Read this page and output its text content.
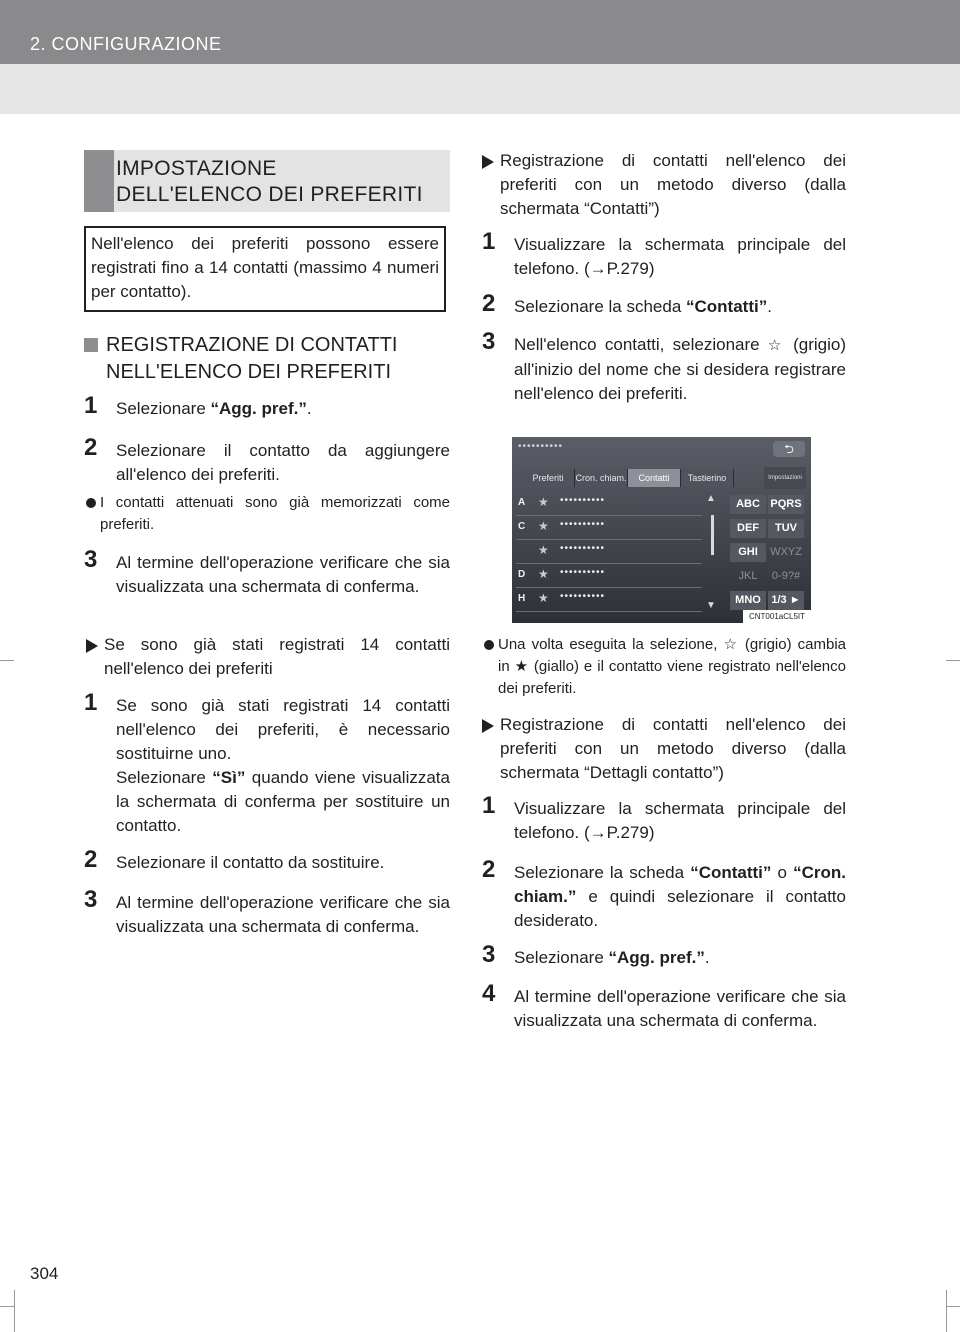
2. CONFIGURAZIONE
IMPOSTAZIONE
DELL'ELENCO DEI PREFERITI
Nell'elenco dei preferiti possono essere registrati fino a 14 contatti (massimo 4 numeri per contatto).
REGISTRAZIONE DI CONTATTI NELL'ELENCO DEI PREFERITI
1 Selezionare “Agg. pref.”.
2 Selezionare il contatto da aggiungere all'elenco dei preferiti.
I contatti attenuati sono già memorizzati come preferiti.
3 Al termine dell'operazione verificare che sia visualizzata una schermata di conferma.
Se sono già stati registrati 14 contatti nell'elenco dei preferiti
1 Se sono già stati registrati 14 contatti nell'elenco dei preferiti, è necessario sostituirne uno.
Selezionare “Sì” quando viene visualizzata la schermata di conferma per sostituire un contatto.
2 Selezionare il contatto da sostituire.
3 Al termine dell'operazione verificare che sia visualizzata una schermata di conferma.
Registrazione di contatti nell'elenco dei preferiti con un metodo diverso (dalla schermata “Contatti”)
1 Visualizzare la schermata principale del telefono. (→P.279)
2 Selezionare la scheda “Contatti”.
3 Nell'elenco contatti, selezionare ☆ (grigio) all'inizio del nome che si desidera registrare nell'elenco dei preferiti.
••••••••••	⮌
Preferiti	Cron. chiam.	Contatti	Tastierino	Impostazioni
A	★ ••••••••••
C	★ ••••••••••
★ ••••••••••
D	★ ••••••••••
H	★ ••••••••••
▲
▼
ABC PQRS
DEF	TUV
GHI	WXYZ
JKL	0-9?#
MNO 1/3 ►
CNT001aCL5IT
Una volta eseguita la selezione, ☆ (grigio) cambia in ★ (giallo) e il contatto viene registrato nell'elenco dei preferiti.
Registrazione di contatti nell'elenco dei preferiti con un metodo diverso (dalla schermata “Dettagli contatto”)
1 Visualizzare la schermata principale del telefono. (→P.279)
2 Selezionare la scheda “Contatti” o “Cron. chiam.” e quindi selezionare il contatto desiderato.
3 Selezionare “Agg. pref.”.
4 Al termine dell'operazione verificare che sia visualizzata una schermata di conferma.
304
